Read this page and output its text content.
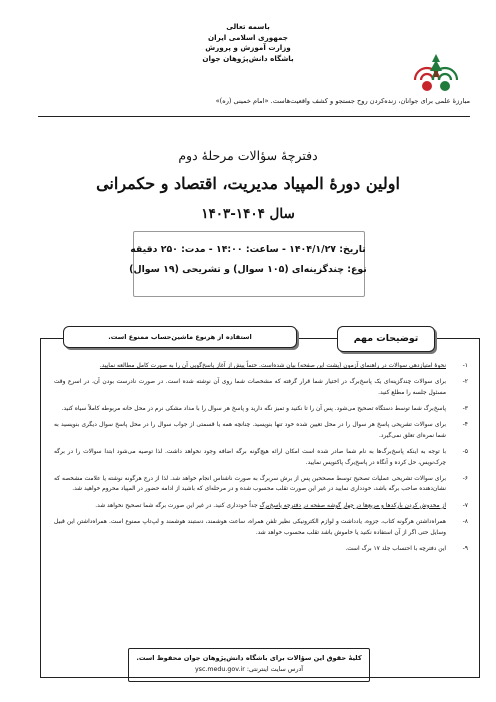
باسمه تعالی
جمهوری اسلامی ایران
وزارت آموزش و پرورش
باشگاه دانش‌پژوهان جوان
مبارزهٔ علمی برای جوانان، زنده‌کردن روح جستجو و کشف واقعیت‌هاست. «امام خمینی (ره)»
دفترچهٔ سؤالات مرحلهٔ دوم
اولین دورهٔ المپیاد مدیریت، اقتصاد و حکمرانی
سال ۱۴۰۴-۱۴۰۳
تاریخ: ۱۴۰۴/۱/۲۷ - ساعت: ۱۴:۰۰ - مدت: ۲۵۰ دقیقه
نوع: چندگزینه‌ای (۱۰۵ سوال) و تشریحی (۱۹ سوال)
توضیحات مهم
استفاده از هرنوع ماشین‌حساب ممنوع است.
۱-
نحوهٔ امتیازدهی سوالات در راهنمای آزمون (پشت این صفحه) بیان شده‌است. حتماً پیش از آغاز پاسخ‌گویی آن را به صورت کامل مطالعه نمایید.
۲-
برای سوالات چندگزینه‌ای یک پاسخ‌برگ در اختیار شما قرار گرفته که مشخصات شما روی آن نوشته شده است. در صورت نادرست بودن آن، در اسرع وقت مسئول جلسه را مطلع کنید.
۳-
پاسخ‌برگ شما توسط دستگاه تصحیح می‌شود. پس آن را تا نکنید و تمیز نگه دارید و پاسخ هر سوال را با مداد مشکی نرم در محل خانه مربوطه کاملاً سیاه کنید.
۴-
برای سوالات تشریحی پاسخ هر سوال را در محل تعیین شده خود تنها بنویسید. چنانچه همه یا قسمتی از جواب سوال را در محل پاسخ سوال دیگری بنویسید به شما نمره‌ای تعلق نمی‌گیرد.
۵-
با توجه به اینکه پاسخ‌برگ‌ها به نام شما صادر شده است امکان ارائه هیچ‌گونه برگه اضافه وجود نخواهد داشت. لذا توصیه می‌شود ابتدا سوالات را در برگه چرک‌نویس، حل کرده و آنگاه در پاسخ‌برگ پاکنویس نمایید.
۶-
برای سوالات تشریحی عملیات تصحیح توسط مصححین پس از برش سربرگ به صورت ناشناس انجام خواهد شد. لذا از درج هرگونه نوشته یا علامت مشخصه که نشان‌دهنده صاحب برگه باشد، خودداری نمایید در غیر این صورت تقلب محسوب شده و در مرحله‌ای که باشید از ادامه حضور در المپیاد محروم خواهید شد.
۷-
از مخدوش کردن بارکدها و مربع‌ها در چهار گوشه صفحه در دفترچه پاسخ‌برگ جداً خودداری کنید. در غیر این صورت برگه شما تصحیح نخواهد شد.
۸-
همراه‌داشتن هرگونه کتاب، جزوه، یادداشت و لوازم الکترونیکی نظیر تلفن همراه، ساعت هوشمند، دستبند هوشمند و لپ‌تاپ ممنوع است. همراه‌داشتن این قبیل وسایل حتی اگر از آن استفاده نکنید یا خاموش باشد تقلب محسوب خواهد شد.
۹-
این دفترچه با احتساب جلد ۱۷ برگ است.
کلیهٔ حقوق این سؤالات برای باشگاه دانش‌پژوهان جوان محفوظ است.
آدرس سایت اینترنتی: ysc.medu.gov.ir
